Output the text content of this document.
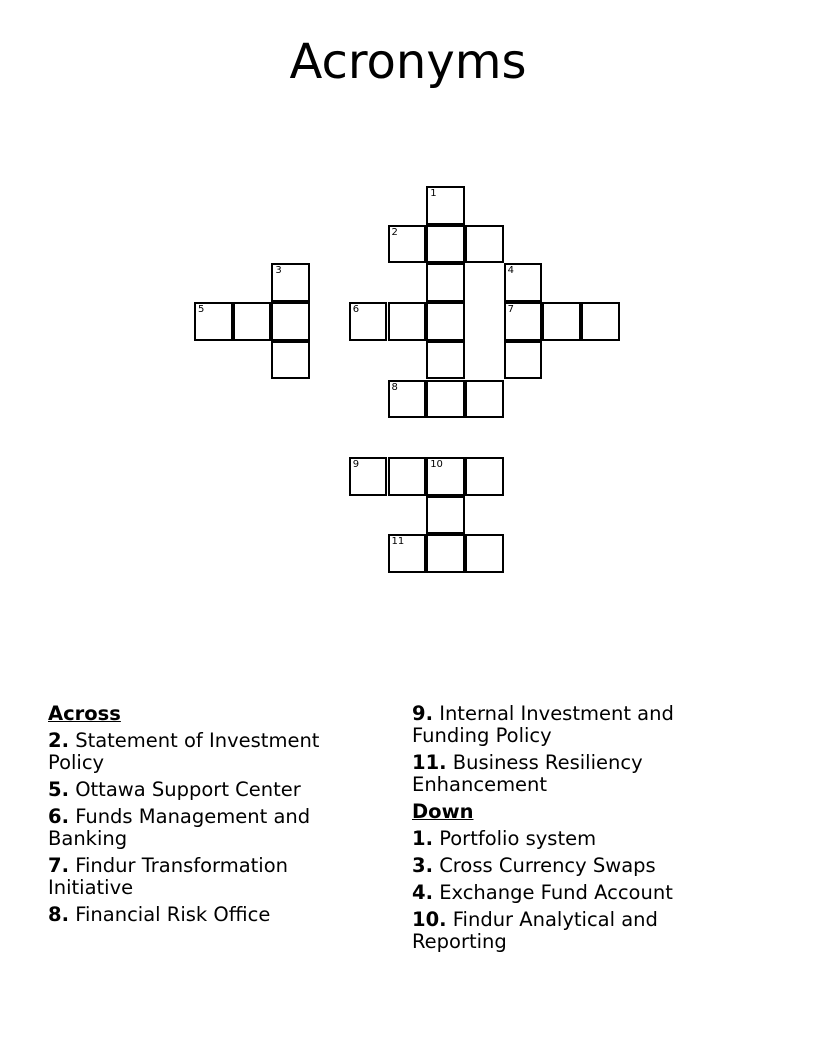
Acronyms
1
2
3	4
5	6	7
8
9	10
11
Across
2. Statement of Investment Policy
5. Ottawa Support Center
6. Funds Management and Banking
7. Findur Transformation Initiative
8. Financial Risk Office
9. Internal Investment and Funding Policy
11. Business Resiliency Enhancement
Down
1. Portfolio system
3. Cross Currency Swaps
4. Exchange Fund Account
10. Findur Analytical and Reporting
